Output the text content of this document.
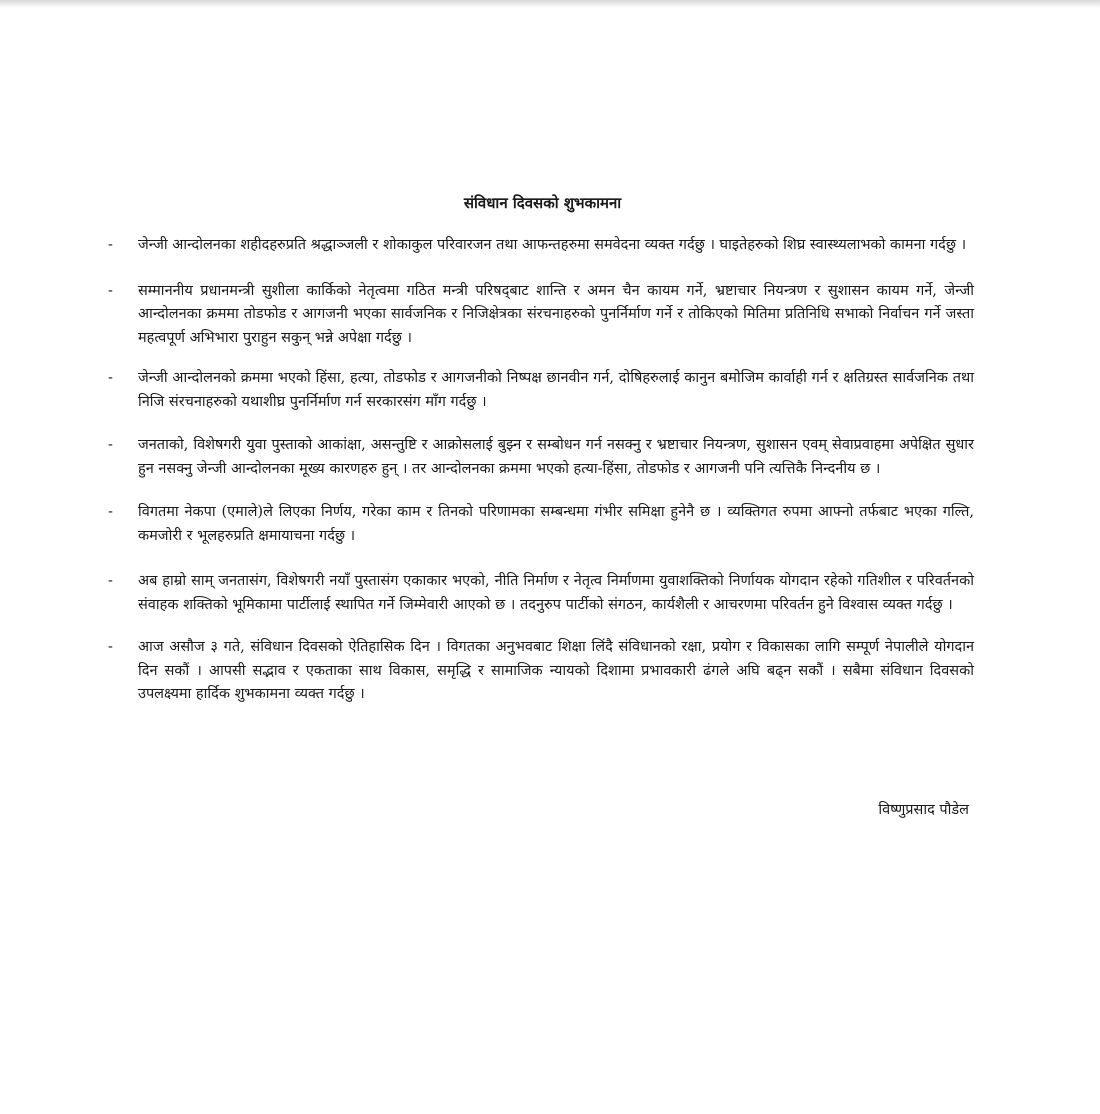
संविधान दिवसको शुभकामना
-	जेन्जी आन्दोलनका शहीदहरुप्रति श्रद्धाञ्जली र शोकाकुल परिवारजन तथा आफन्तहरुमा समवेदना व्यक्त गर्दछु । घाइतेहरुको शिघ्र स्वास्थ्यलाभको कामना गर्दछु ।
-	सम्माननीय प्रधानमन्त्री सुशीला कार्किको नेतृत्वमा गठित मन्त्री परिषद्‌बाट शान्ति र अमन चैन कायम गर्ने, भ्रष्टाचार नियन्त्रण र सुशासन कायम गर्ने, जेन्जी आन्दोलनका क्रममा तोडफोड र आगजनी भएका सार्वजनिक र निजिक्षेत्रका संरचनाहरुको पुनर्निर्माण गर्ने र तोकिएको मितिमा प्रतिनिधि सभाको निर्वाचन गर्ने जस्ता महत्वपूर्ण अभिभारा पुराहुन सकुन् भन्ने अपेक्षा गर्दछु ।
-	जेन्जी आन्दोलनको क्रममा भएको हिंसा, हत्या, तोडफोड र आगजनीको निष्पक्ष छानवीन गर्न, दोषिहरुलाई कानुन बमोजिम कार्वाही गर्न र क्षतिग्रस्त सार्वजनिक तथा निजि संरचनाहरुको यथाशीघ्र पुनर्निर्माण गर्न सरकारसंग माँग गर्दछु ।
-	जनताको, विशेषगरी युवा पुस्ताको आकांक्षा, असन्तुष्टि र आक्रोसलाई बुझ्न र सम्बोधन गर्न नसक्नु र भ्रष्टाचार नियन्त्रण, सुशासन एवम् सेवाप्रवाहमा अपेक्षित सुधार हुन नसक्नु जेन्जी आन्दोलनका मूख्य कारणहरु हुन् । तर आन्दोलनका क्रममा भएको हत्या-हिंसा, तोडफोड र आगजनी पनि त्यत्तिकै निन्दनीय छ ।
-	विगतमा नेकपा (एमाले)ले लिएका निर्णय, गरेका काम र तिनको परिणामका सम्बन्धमा गंभीर समिक्षा हुनेनै छ । व्यक्तिगत रुपमा आफ्नो तर्फबाट भएका गल्ति, कमजोरी र भूलहरुप्रति क्षमायाचना गर्दछु ।
-	अब हाम्रो साम् जनतासंग, विशेषगरी नयाँ पुस्तासंग एकाकार भएको, नीति निर्माण र नेतृत्व निर्माणमा युवाशक्तिको निर्णायक योगदान रहेको गतिशील र परिवर्तनको संवाहक शक्तिको भूमिकामा पार्टीलाई स्थापित गर्ने जिम्मेवारी आएको छ । तदनुरुप पार्टीको संगठन, कार्यशैली र आचरणमा परिवर्तन हुने विश्वास व्यक्त गर्दछु ।
-	आज असौज ३ गते, संविधान दिवसको ऐतिहासिक दिन । विगतका अनुभवबाट शिक्षा लिंदै संविधानको रक्षा, प्रयोग र विकासका लागि सम्पूर्ण नेपालीले योगदान दिन सकौं । आपसी सद्भाव र एकताका साथ विकास, समृद्धि र सामाजिक न्यायको दिशामा प्रभावकारी ढंगले अघि बढ्न सकौं । सबैमा संविधान दिवसको उपलक्ष्यमा हार्दिक शुभकामना व्यक्त गर्दछु ।
विष्णुप्रसाद पौडेल
